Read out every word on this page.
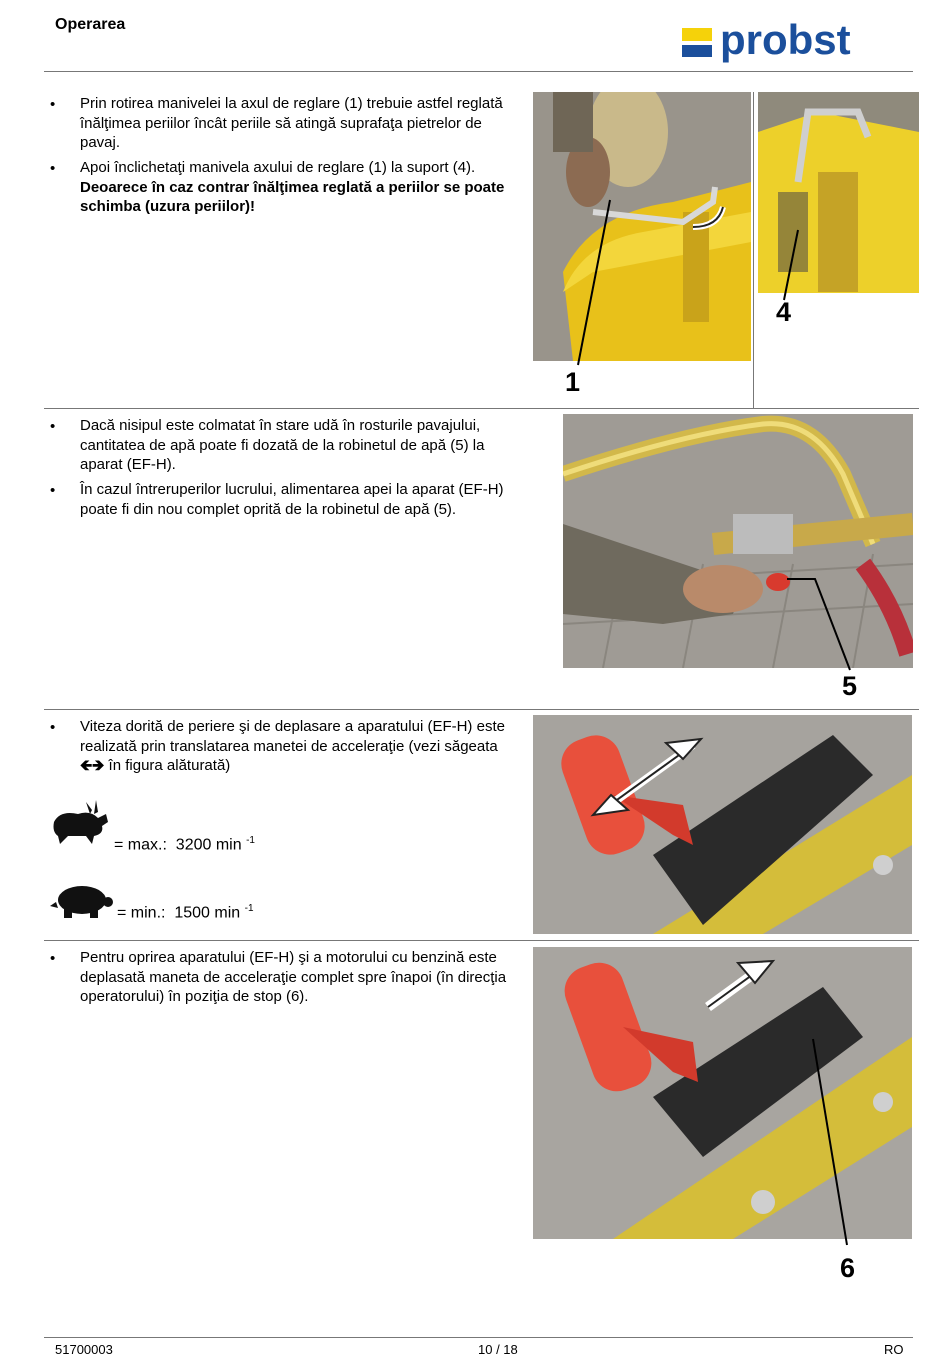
Operarea	probst
• Prin rotirea manivelei la axul de reglare (1) trebuie astfel reglată înălţimea periilor încât periile să atingă suprafaţa pietrelor de pavaj.
• Apoi înclichetaţi manivela axului de reglare (1) la suport (4). Deoarece în caz contrar înălţimea reglată a periilor se poate schimba (uzura periilor)!
1
4
• Dacă nisipul este colmatat în stare udă în rosturile pavajului, cantitatea de apă poate fi dozată de la robinetul de apă (5) la aparat (EF-H).
• În cazul întreruperilor lucrului, alimentarea apei la aparat (EF-H) poate fi din nou complet oprită de la robinetul de apă (5).
5
• Viteza dorită de periere şi de deplasare a aparatului (EF-H) este realizată prin translatarea manetei de acceleraţie (vezi săgeata 🡸🡺 în figura alăturată)
= max.: 3200 min $^{-1}$
= min.: 1500 min $^{-1}$
• Pentru oprirea aparatului (EF-H) şi a motorului cu benzină este deplasată maneta de acceleraţie complet spre înapoi (în direcţia operatorului) în poziţia de stop (6).
6
51700003	10 / 18	RO
